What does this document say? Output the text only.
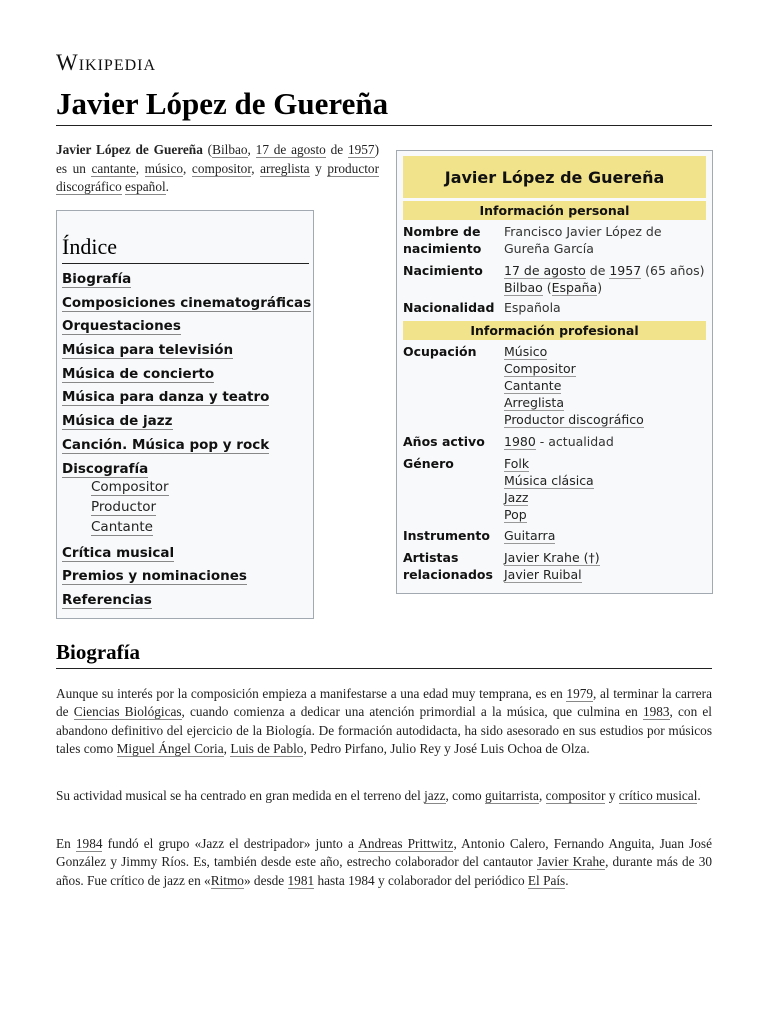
Wikipedia
Javier López de Guereña

Javier López de Guereña (Bilbao, 17 de agosto de 1957) es un cantante, músico, compositor, arreglista y productor discográfico español.

Índice
Biografía
Composiciones cinematográficas
Orquestaciones
Música para televisión
Música de concierto
Música para danza y teatro
Música de jazz
Canción. Música pop y rock
Discografía
Compositor
Productor
Cantante
Crítica musical
Premios y nominaciones
Referencias
Javier López de Guereña
Información personal
Nombre de nacimiento
Francisco Javier López de Gureña García
Nacimiento	17 de agosto de 1957 (65 años)
Bilbao (España)
Nacionalidad Española
Información profesional
Ocupación	Músico
Compositor
Cantante
Arreglista
Productor discográfico
Años activo	1980 - actualidad
Género	Folk
Música clásica
Jazz
Pop
Instrumento	Guitarra
Artistas relacionados
Javier Krahe (†)
Javier Ruibal
Biografía

Aunque su interés por la composición empieza a manifestarse a una edad muy temprana, es en 1979, al terminar la carrera de Ciencias Biológicas, cuando comienza a dedicar una atención primordial a la música, que culmina en 1983, con el abandono definitivo del ejercicio de la Biología. De formación autodidacta, ha sido asesorado en sus estudios por músicos tales como Miguel Ángel Coria, Luis de Pablo, Pedro Pirfano, Julio Rey y José Luis Ochoa de Olza.

Su actividad musical se ha centrado en gran medida en el terreno del jazz, como guitarrista, compositor y crítico musical.

En 1984 fundó el grupo «Jazz el destripador» junto a Andreas Prittwitz, Antonio Calero, Fernando Anguita, Juan José González y Jimmy Ríos. Es, también desde este año, estrecho colaborador del cantautor Javier Krahe, durante más de 30 años. Fue crítico de jazz en «Ritmo» desde 1981 hasta 1984 y colaborador del periódico El País.
